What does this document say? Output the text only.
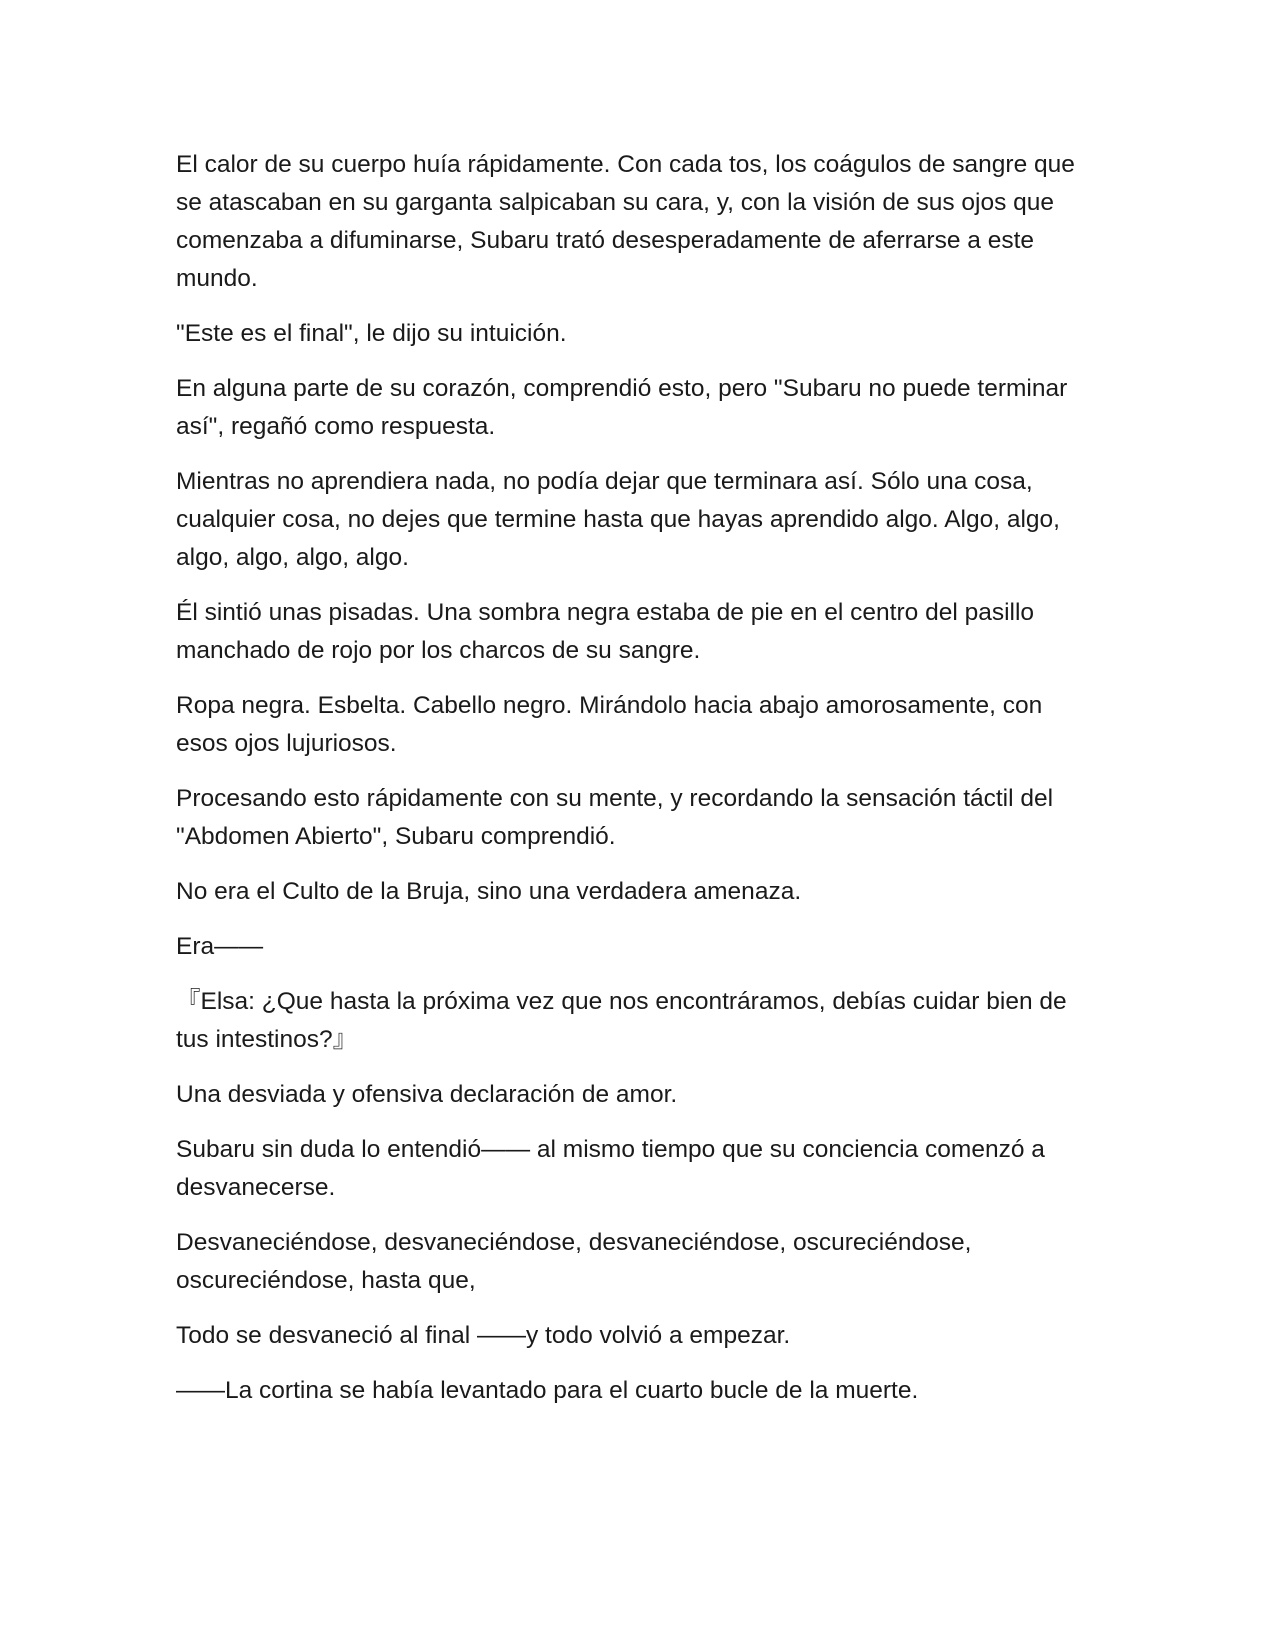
El calor de su cuerpo huía rápidamente. Con cada tos, los coágulos de sangre que se atascaban en su garganta salpicaban su cara, y, con la visión de sus ojos que comenzaba a difuminarse, Subaru trató desesperadamente de aferrarse a este mundo.

"Este es el final", le dijo su intuición.

En alguna parte de su corazón, comprendió esto, pero "Subaru no puede terminar así", regañó como respuesta.

Mientras no aprendiera nada, no podía dejar que terminara así. Sólo una cosa, cualquier cosa, no dejes que termine hasta que hayas aprendido algo. Algo, algo, algo, algo, algo, algo.

Él sintió unas pisadas. Una sombra negra estaba de pie en el centro del pasillo manchado de rojo por los charcos de su sangre.

Ropa negra. Esbelta. Cabello negro. Mirándolo hacia abajo amorosamente, con esos ojos lujuriosos.

Procesando esto rápidamente con su mente, y recordando la sensación táctil del "Abdomen Abierto", Subaru comprendió.

No era el Culto de la Bruja, sino una verdadera amenaza.

Era——

『Elsa: ¿Que hasta la próxima vez que nos encontráramos, debías cuidar bien de tus intestinos?』

Una desviada y ofensiva declaración de amor.

Subaru sin duda lo entendió—— al mismo tiempo que su conciencia comenzó a desvanecerse.

Desvaneciéndose, desvaneciéndose, desvaneciéndose, oscureciéndose, oscureciéndose, hasta que,

Todo se desvaneció al final ——y todo volvió a empezar.

——La cortina se había levantado para el cuarto bucle de la muerte.
